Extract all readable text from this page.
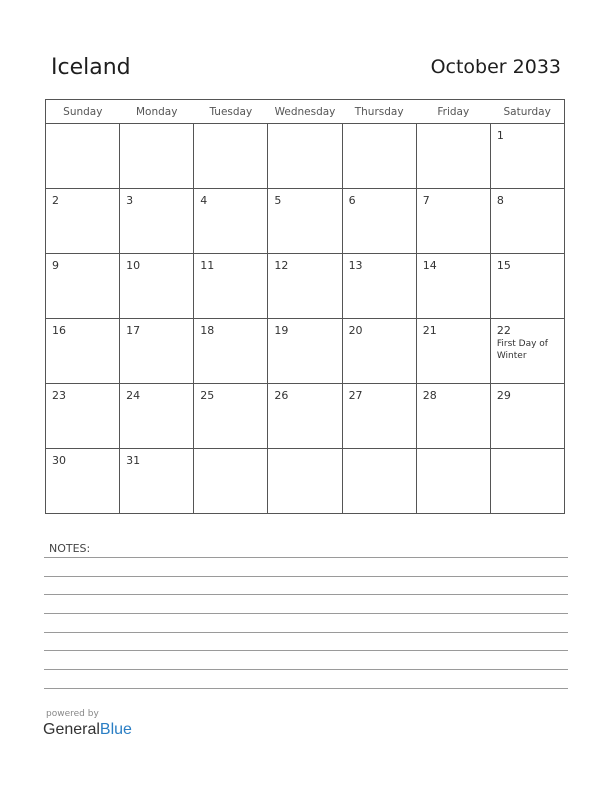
Iceland	October 2033
Sunday	Monday	Tuesday	Wednesday	Thursday	Friday	Saturday

						1

2	3	4	5	6	7	8

9	10	11	12	13	14	15

16	17	18	19	20	21	22
First Day of Winter

23	24	25	26	27	28	29

30	31					

NOTES:
powered by
GeneralBlue
